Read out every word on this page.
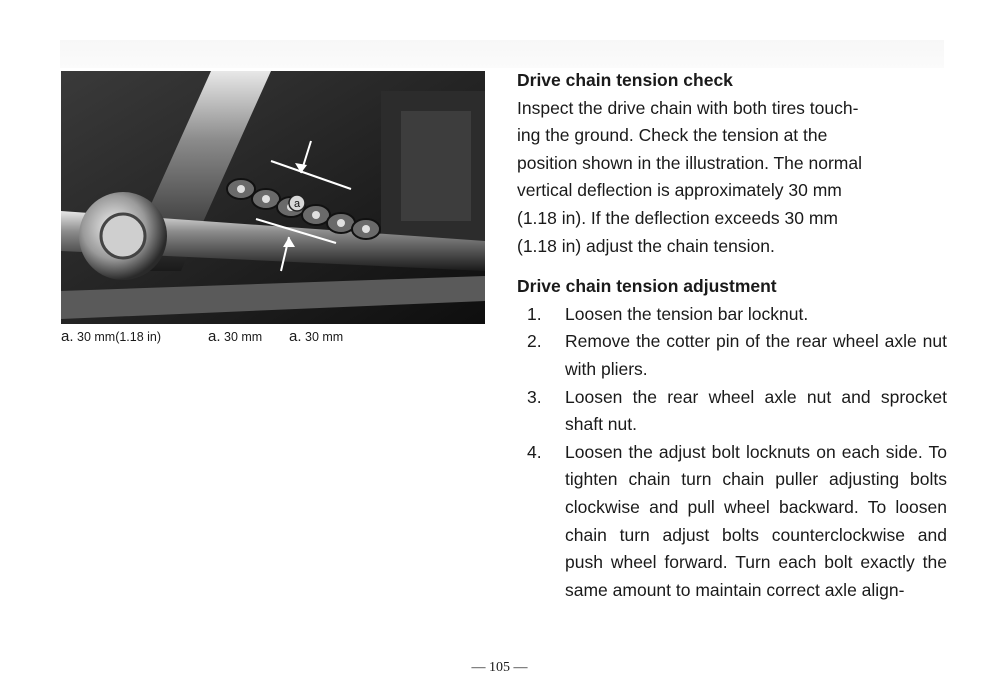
a
a. 30 mm(1.18 in)	a. 30 mm a. 30 mm

Drive chain tension check

Inspect the drive chain with both tires touch-
ing the ground. Check the tension at the
position shown in the illustration. The normal
vertical deflection is approximately 30 mm
(1.18 in). If the deflection exceeds 30 mm
(1.18 in) adjust the chain tension.

Drive chain tension adjustment

1. Loosen the tension bar locknut.
2. Remove the cotter pin of the rear wheel axle nut with pliers.
3. Loosen the rear wheel axle nut and sprocket shaft nut.
4. Loosen the adjust bolt locknuts on each side. To tighten chain turn chain puller adjusting bolts clockwise and pull wheel backward. To loosen chain turn adjust bolts counterclockwise and push wheel forward. Turn each bolt exactly the same amount to maintain correct axle align-
— 105 —
